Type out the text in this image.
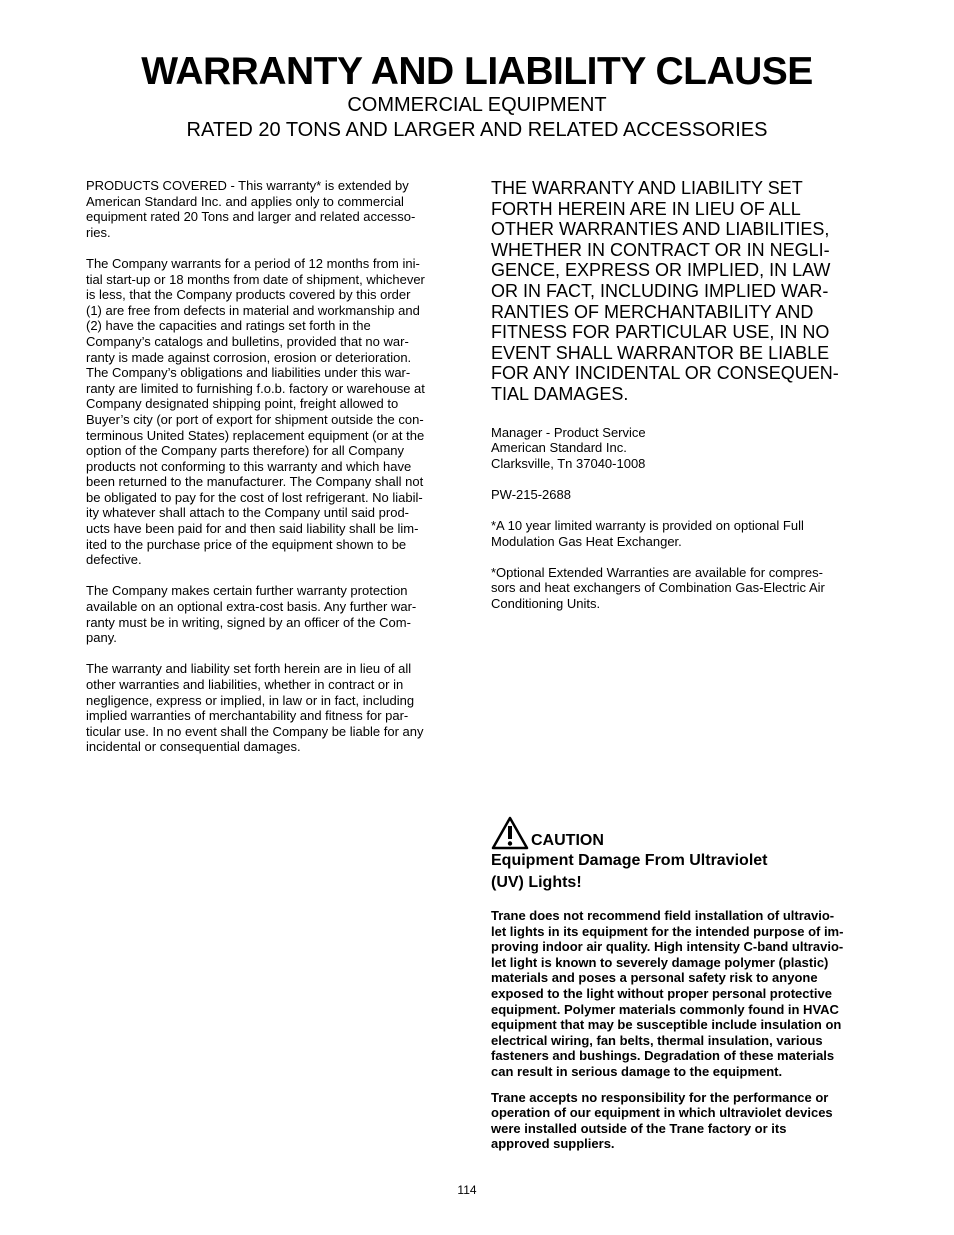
WARRANTY AND LIABILITY CLAUSE
COMMERCIAL EQUIPMENT
RATED 20 TONS AND LARGER AND RELATED ACCESSORIES

PRODUCTS COVERED - This warranty* is extended by
American Standard Inc. and applies only to commercial
equipment rated 20 Tons and larger and related accesso-
ries.

The Company warrants for a period of 12 months from ini-
tial start-up or 18 months from date of shipment, whichever
is less, that the Company products covered by this order
(1) are free from defects in material and workmanship and
(2) have the capacities and ratings set forth in the
Company’s catalogs and bulletins, provided that no war-
ranty is made against corrosion, erosion or deterioration.
The Company’s obligations and liabilities under this war-
ranty are limited to furnishing f.o.b. factory or warehouse at
Company designated shipping point, freight allowed to
Buyer’s city (or port of export for shipment outside the con-
terminous United States) replacement equipment (or at the
option of the Company parts therefore) for all Company
products not conforming to this warranty and which have
been returned to the manufacturer. The Company shall not
be obligated to pay for the cost of lost refrigerant. No liabil-
ity whatever shall attach to the Company until said prod-
ucts have been paid for and then said liability shall be lim-
ited to the purchase price of the equipment shown to be
defective.

The Company makes certain further warranty protection
available on an optional extra-cost basis. Any further war-
ranty must be in writing, signed by an officer of the Com-
pany.

The warranty and liability set forth herein are in lieu of all
other warranties and liabilities, whether in contract or in
negligence, express or implied, in law or in fact, including
implied warranties of merchantability and fitness for par-
ticular use. In no event shall the Company be liable for any
incidental or consequential damages.

THE WARRANTY AND LIABILITY SET
FORTH HEREIN ARE IN LIEU OF ALL
OTHER WARRANTIES AND LIABILITIES,
WHETHER IN CONTRACT OR IN NEGLI-
GENCE, EXPRESS OR IMPLIED, IN LAW
OR IN FACT, INCLUDING IMPLIED WAR-
RANTIES OF MERCHANTABILITY AND
FITNESS FOR PARTICULAR USE, IN NO
EVENT SHALL WARRANTOR BE LIABLE
FOR ANY INCIDENTAL OR CONSEQUEN-
TIAL DAMAGES.

Manager - Product Service
American Standard Inc.
Clarksville, Tn 37040-1008

PW-215-2688

*A 10 year limited warranty is provided on optional Full
Modulation Gas Heat Exchanger.

*Optional Extended Warranties are available for compres-
sors and heat exchangers of Combination Gas-Electric Air
Conditioning Units.

CAUTION

Equipment Damage From Ultraviolet
(UV) Lights!

Trane does not recommend field installation of ultravio-
let lights in its equipment for the intended purpose of im-
proving indoor air quality. High intensity C-band ultravio-
let light is known to severely damage polymer (plastic)
materials and poses a personal safety risk to anyone
exposed to the light without proper personal protective
equipment. Polymer materials commonly found in HVAC
equipment that may be susceptible include insulation on
electrical wiring, fan belts, thermal insulation, various
fasteners and bushings. Degradation of these materials
can result in serious damage to the equipment.

Trane accepts no responsibility for the performance or
operation of our equipment in which ultraviolet devices
were installed outside of the Trane factory or its
approved suppliers.

114
